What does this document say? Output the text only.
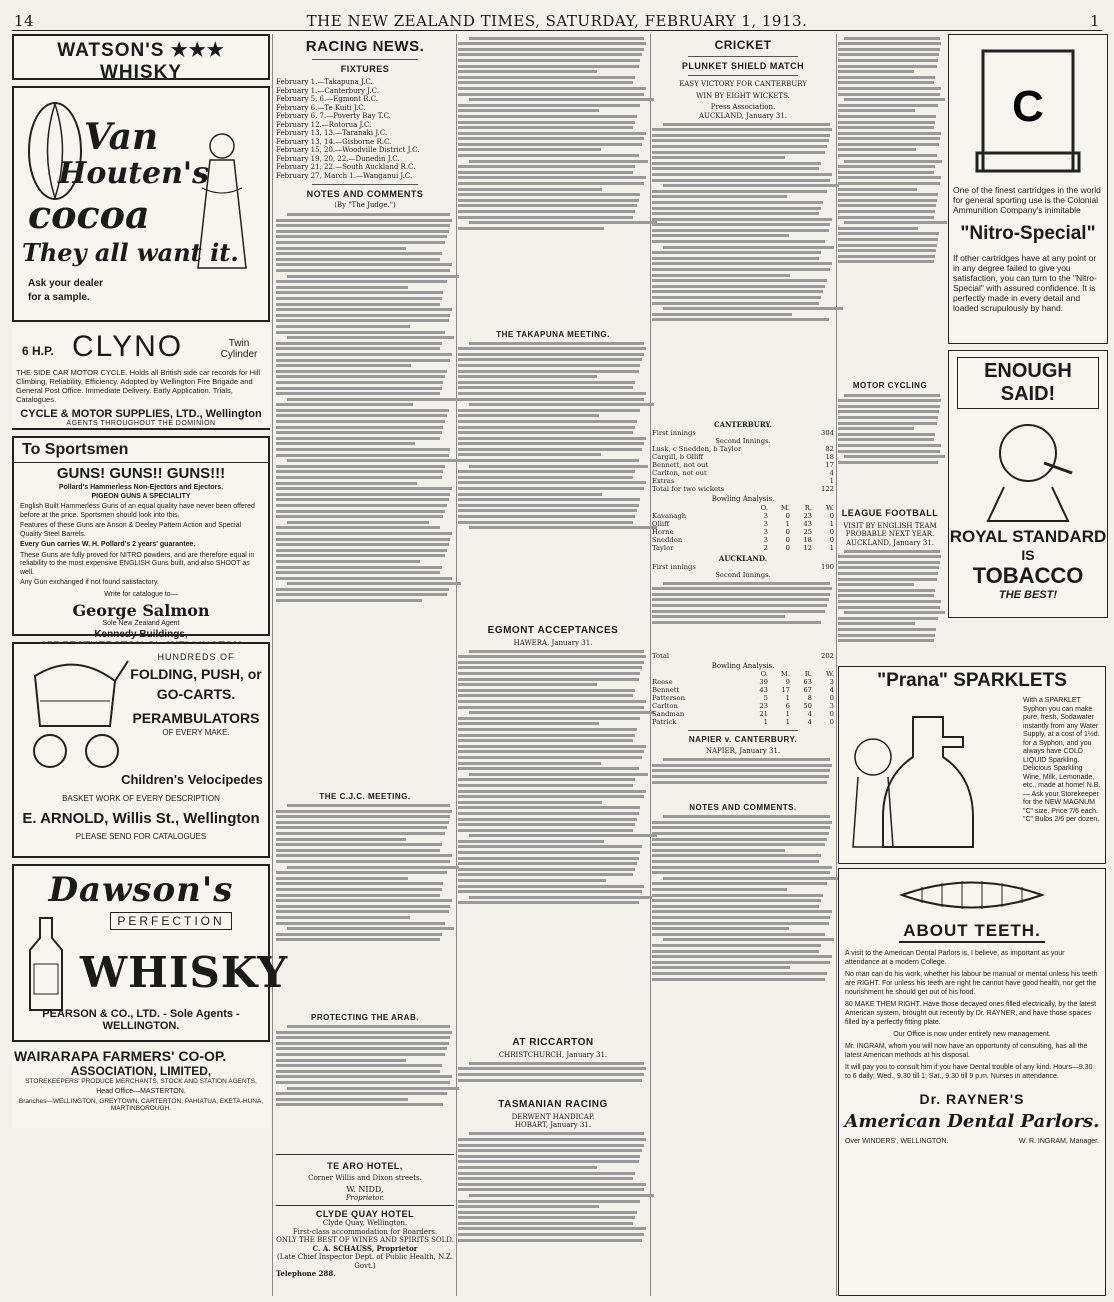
14	THE NEW ZEALAND TIMES, SATURDAY, FEBRUARY 1, 1913.	1
WATSON'S ★★★ WHISKY
Van
Houten's
cocoa
They all want it.
Ask your dealer
for a sample.
6 H.P. CLYNO	Twin Cylinder
THE SIDE CAR MOTOR CYCLE. Holds all British side car records for Hill Climbing, Reliability, Efficiency. Adopted by Wellington Fire Brigade and General Post Office. Immediate Delivery. Early Application. Trials, Catalogues.
CYCLE & MOTOR SUPPLIES, LTD., Wellington
AGENTS THROUGHOUT THE DOMINION
To Sportsmen
GUNS! GUNS!! GUNS!!!
Pollard's Hammerless Non-Ejectors and Ejectors.
PIGEON GUNS A SPECIALITY
English Built Hammerless Guns of an equal quality have never been offered before at the price. Sportsmen should look into this.
Features of these Guns are Anson & Deeley Pattern Action and Special Quality Steel Barrels.
Every Gun carries W. H. Pollard's 2 years' guarantee.
These Guns are fully proved for NITRO powders, and are therefore equal in reliability to the most expensive ENGLISH Guns built, and also SHOOT as well.
Any Gun exchanged if not found satisfactory.
Write for catalogue to—
George Salmon
Sole New Zealand Agent
Kennedy Buildings,
HUNDREDS OF
FOLDING, PUSH, or
GO-CARTS.
PERAMBULATORS
OF EVERY MAKE.
Children's Velocipedes
BASKET WORK OF EVERY DESCRIPTION
E. ARNOLD, Willis St., Wellington
PLEASE SEND FOR CATALOGUES
Dawson's
PERFECTION
WHISKY
PEARSON & CO., LTD. - Sole Agents - WELLINGTON.
WAIRARAPA FARMERS' CO-OP.
ASSOCIATION, LIMITED,
STOREKEEPERS' PRODUCE MERCHANTS, STOCK AND STATION AGENTS,
Head Office—MASTERTON.
Branches—WELLINGTON, GREYTOWN, CARTERTON, PAHIATUA, EKETA-HUNA, MARTINBOROUGH.
RACING NEWS.
FIXTURES
February 1.—Takapuna J.C.
February 1.—Canterbury J.C.
February 5, 6.—Egmont R.C.
February 6.—Te Kuiti J.C.
February 6, 7.—Poverty Bay T.C.
February 12.—Rotorua J.C.
February 13, 13.—Taranaki J.C.
February 13, 14.—Gisborne R.C.
February 15, 20.—Woodville District J.C.
February 19, 20, 22.—Dunedin J.C.
February 21, 22.—South Auckland R.C.
February 27, March 1.—Wanganui J.C.
NOTES AND COMMENTS
(By "The Judge.")
THE C.J.C. MEETING.
PROTECTING THE ARAB.
TE ARO HOTEL,
Corner Willis and Dixon streets.
W. NIDD,
Proprietor.
CLYDE QUAY HOTEL
Clyde Quay, Wellington.
First-class accommodation for Boarders.
ONLY THE BEST OF WINES AND SPIRITS SOLD.
C. A. SCHAUSS, Proprietor
(Late Chief Inspector Dept. of Public Health, N.Z. Govt.)
Telephone 288.
THE TAKAPUNA MEETING.
EGMONT ACCEPTANCES
HAWERA, January 31.
AT RICCARTON
CHRISTCHURCH, January 31.
TASMANIAN RACING
DERWENT HANDICAP.
HOBART, January 31.
CRICKET
PLUNKET SHIELD MATCH
EASY VICTORY FOR CANTERBURY
WIN BY EIGHT WICKETS.
Press Association.
AUCKLAND, January 31.
CANTERBURY.
First innings	304
Second Innings.	
Lusk, c Snedden, b Taylor	82
Cargill, b Olliff	18
Bennett, not out	17
Carlton, not out	4
Extras	1
Total for two wickets	122
Bowling Analysis.
	O.	M.	R.	W.
Kavanagh	3	0	23	0
Olliff	3	1	43	1
Horne	3	0	25	0
Sneddon	3	0	18	0
Taylor	2	0	12	1
AUCKLAND.
First innings	190
Second Innings.
Total	202
Bowling Analysis.
	O.	M.	R.	W.
Reese	39	9	63	3
Bennett	43	17	67	4
Patterson	5	1	8	0
Carlton	23	6	50	3
Sandman	21	1	4	0
Patrick	1	1	4	0
NAPIER v. CANTERBURY.
NAPIER, January 31.
NOTES AND COMMENTS.
MOTOR CYCLING
LEAGUE FOOTBALL
VISIT BY ENGLISH TEAM PROBABLE NEXT YEAR.
AUCKLAND, January 31.
C
One of the finest cartridges in the world for general sporting use is the Colonial Ammunition Company's inimitable
"Nitro-Special"
If other cartridges have at any point or in any degree failed to give you satisfaction, you can turn to the "Nitro-Special" with assured confidence. It is perfectly made in every detail and loaded scrupulously by hand.
ENOUGH SAID!
ROYAL STANDARD
IS
TOBACCO
THE BEST!
"Prana" SPARKLETS
With a SPARKLET Syphon you can make pure, fresh, Sodawater instantly from any Water Supply, at a cost of 1½d. for a Syphon, and you always have COLD LIQUID Sparkling. Delicious Sparkling Wine, Milk, Lemonade, etc., made at home! N.B. — Ask your Storekeeper for the NEW MAGNUM "C" size. Price 7/6 each. "C" Bulbs 2/6 per dozen.
ABOUT TEETH.
A visit to the American Dental Parlors is, I believe, as important as your attendance at a modern College.
No man can do his work, whether his labour be manual or mental unless his teeth are RIGHT. For unless his teeth are right he cannot have good health, nor get the nourishment he should get out of his food.
80 MAKE THEM RIGHT. Have those decayed ones filled electrically, by the latest American system, brought out recently by Dr. RAYNER, and have those spaces filled by a perfectly fitting plate.
Our Office is now under entirely new management.
Mr. INGRAM, whom you will now have an opportunity of consulting, has all the latest American methods at his disposal.
It will pay you to consult him if you have Dental trouble of any kind. Hours—9.30 to 6 daily; Wed., 9.30 till 1; Sat., 9.30 till 9 p.m. Nurses in attendance.
Dr. RAYNER'S
American Dental Parlors.
Over WINDERS', WELLINGTON.	W. R. INGRAM, Manager.
